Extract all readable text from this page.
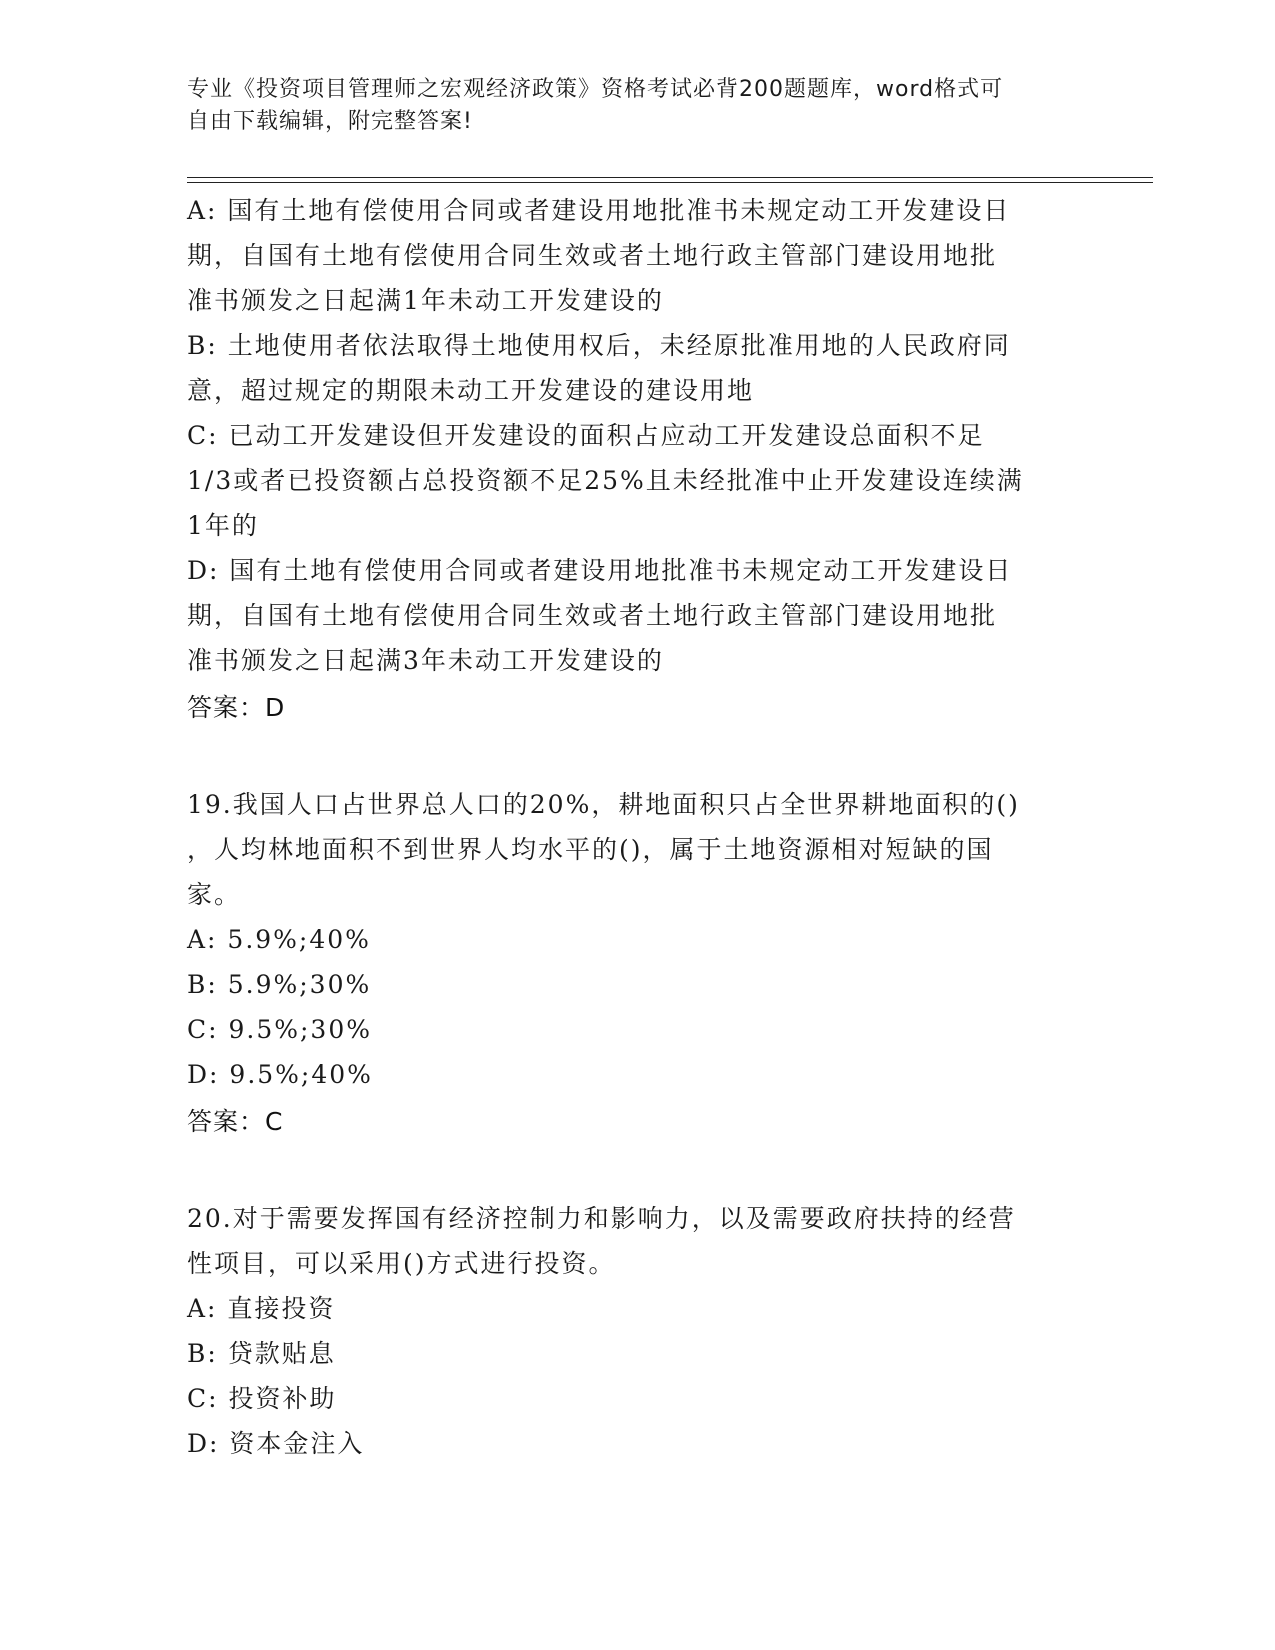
专业《投资项目管理师之宏观经济政策》资格考试必背200题题库，word格式可
自由下载编辑，附完整答案!
A: 国有土地有偿使用合同或者建设用地批准书未规定动工开发建设日
期，自国有土地有偿使用合同生效或者土地行政主管部门建设用地批
准书颁发之日起满1年未动工开发建设的
B: 土地使用者依法取得土地使用权后，未经原批准用地的人民政府同
意，超过规定的期限未动工开发建设的建设用地
C: 已动工开发建设但开发建设的面积占应动工开发建设总面积不足
1/3或者已投资额占总投资额不足25%且未经批准中止开发建设连续满
1年的
D: 国有土地有偿使用合同或者建设用地批准书未规定动工开发建设日
期，自国有土地有偿使用合同生效或者土地行政主管部门建设用地批
准书颁发之日起满3年未动工开发建设的
答案：D
19.我国人口占世界总人口的20%，耕地面积只占全世界耕地面积的()
，人均林地面积不到世界人均水平的()，属于土地资源相对短缺的国
家。
A: 5.9%;40%
B: 5.9%;30%
C: 9.5%;30%
D: 9.5%;40%
答案：C
20.对于需要发挥国有经济控制力和影响力，以及需要政府扶持的经营
性项目，可以采用()方式进行投资。
A: 直接投资
B: 贷款贴息
C: 投资补助
D: 资本金注入
